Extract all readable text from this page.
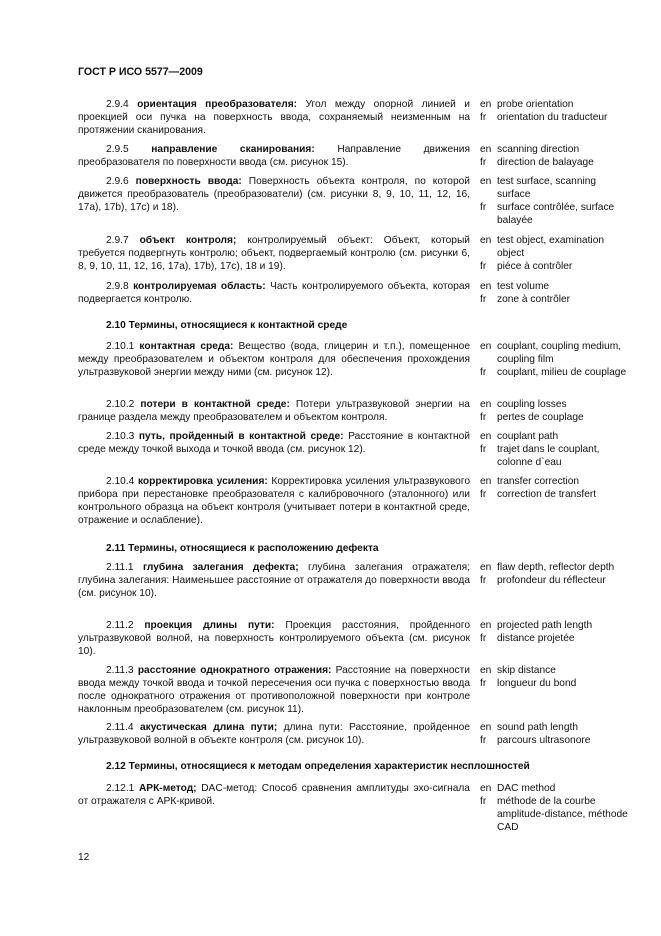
ГОСТ Р ИСО 5577—2009
2.9.4 ориентация преобразователя: Угол между опорной линией и проекцией оси пучка на поверхность ввода, сохраняемый неизменным на протяжении сканирования.
en probe orientation
fr orientation du traducteur
2.9.5 направление сканирования: Направление движения преобразователя по поверхности ввода (см. рисунок 15).
en scanning direction
fr direction de balayage
2.9.6 поверхность ввода: Поверхность объекта контроля, по которой движется преобразователь (преобразователи) (см. рисунки 8, 9, 10, 11, 12, 16, 17а), 17b), 17с) и 18).
en test surface, scanning surface
fr surface contrôlée, surface balayée
2.9.7 объект контроля; контролируемый объект: Объект, который требуется подвергнуть контролю; объект, подвергаемый контролю (см. рисунки 6, 8, 9, 10, 11, 12, 16, 17а), 17b), 17с), 18 и 19).
en test object, examination object
fr piéce à contrôler
2.9.8 контролируемая область: Часть контролируемого объекта, которая подвергается контролю.
en test volume
fr zone à contrôler
2.10 Термины, относящиеся к контактной среде
2.10.1 контактная среда: Вещество (вода, глицерин и т.п.), помещенное между преобразователем и объектом контроля для обеспечения прохождения ультразвуковой энергии между ними (см. рисунок 12).
en couplant, coupling medium, coupling film
fr couplant, milieu de couplage
2.10.2 потери в контактной среде: Потери ультразвуковой энергии на границе раздела между преобразователем и объектом контроля.
en coupling losses
fr pertes de couplage
2.10.3 путь, пройденный в контактной среде: Расстояние в контактной среде между точкой выхода и точкой ввода (см. рисунок 12).
en couplant path
fr trajet dans le couplant, colonne d`eau
2.10.4 корректировка усиления: Корректировка усиления ультразвукового прибора при перестановке преобразователя с калибровочного (эталонного) или контрольного образца на объект контроля (учитывает потери в контактной среде, отражение и ослабление).
en transfer correction
fr correction de transfert
2.11 Термины, относящиеся к расположению дефекта
2.11.1 глубина залегания дефекта; глубина залегания отражателя; глубина залегания: Наименьшее расстояние от отражателя до поверхности ввода (см. рисунок 10).
en flaw depth, reflector depth
fr profondeur du réflecteur
2.11.2 проекция длины пути: Проекция расстояния, пройденного ультразвуковой волной, на поверхность контролируемого объекта (см. рисунок 10).
en projected path length
fr distance projetée
2.11.3 расстояние однократного отражения: Расстояние на поверхности ввода между точкой ввода и точкой пересечения оси пучка с поверхностью ввода после однократного отражения от противоположной поверхности при контроле наклонным преобразователем (см. рисунок 11).
en skip distance
fr longueur du bond
2.11.4 акустическая длина пути; длина пути: Расстояние, пройденное ультразвуковой волной в объекте контроля (см. рисунок 10).
en sound path length
fr parcours ultrasonore
2.12 Термины, относящиеся к методам определения характеристик несплошностей
2.12.1 АРК-метод; DAC-метод: Способ сравнения амплитуды эхо-сигнала от отражателя с АРК-кривой.
en DAC method
fr méthode de la courbe amplitude-distance, méthode CAD
12
